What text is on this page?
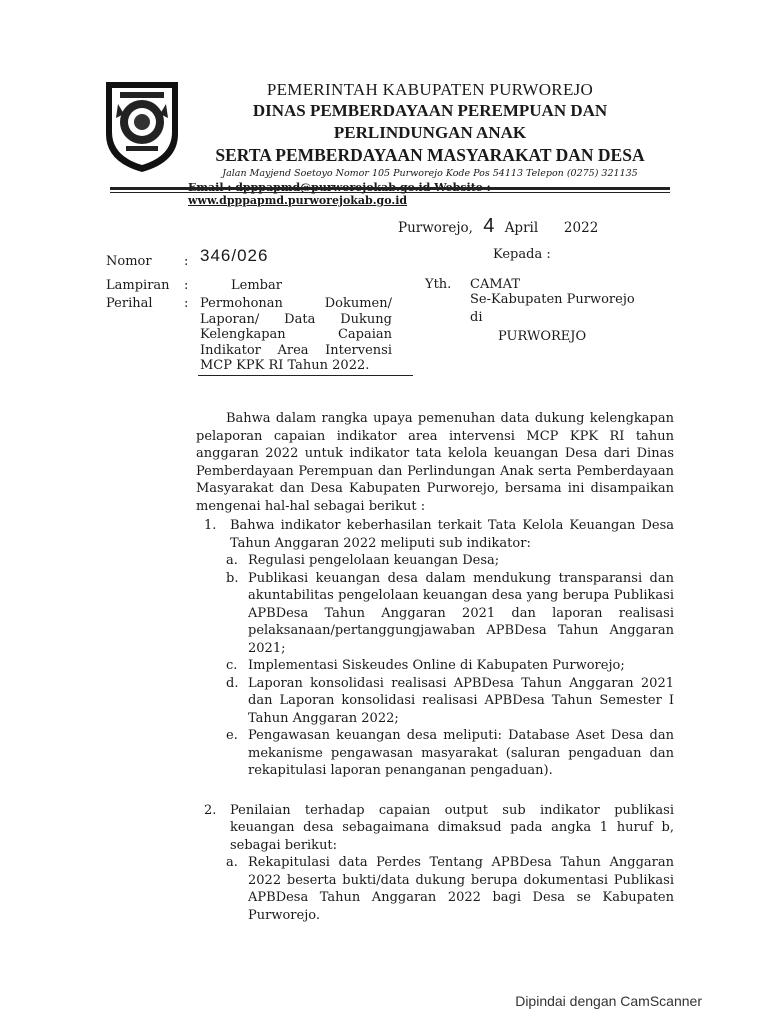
PEMERINTAH KABUPATEN PURWOREJO
DINAS PEMBERDAYAAN PEREMPUAN DAN
PERLINDUNGAN ANAK
SERTA PEMBERDAYAAN MASYARAKAT DAN DESA
Jalan Mayjend Soetoyo Nomor 105 Purworejo Kode Pos 54113 Telepon (0275) 321135
www.dpppapmd.purworejokab.go.id
Purworejo, 4 April 2022
Nomor : 346/026	Kepada :
Lampiran :	Lembar	Yth. CAMAT
Se-Kabupaten Purworejo
di
PURWOREJO
Perihal : Permohonan Dokumen/
Laporan/ Data Dukung
Kelengkapan Capaian
Indikator Area Intervensi
MCP KPK RI Tahun 2022.

Bahwa dalam rangka upaya pemenuhan data dukung kelengkapan pelaporan capaian indikator area intervensi MCP KPK RI tahun anggaran 2022 untuk indikator tata kelola keuangan Desa dari Dinas Pemberdayaan Perempuan dan Perlindungan Anak serta Pemberdayaan Masyarakat dan Desa Kabupaten Purworejo, bersama ini disampaikan mengenai hal-hal sebagai berikut :

1. Bahwa indikator keberhasilan terkait Tata Kelola Keuangan Desa Tahun Anggaran 2022 meliputi sub indikator:
a. Regulasi pengelolaan keuangan Desa;
b. Publikasi keuangan desa dalam mendukung transparansi dan akuntabilitas pengelolaan keuangan desa yang berupa Publikasi APBDesa Tahun Anggaran 2021 dan laporan realisasi pelaksanaan/pertanggungjawaban APBDesa Tahun Anggaran 2021;
c. Implementasi Siskeudes Online di Kabupaten Purworejo;
d. Laporan konsolidasi realisasi APBDesa Tahun Anggaran 2021 dan Laporan konsolidasi realisasi APBDesa Tahun Semester I Tahun Anggaran 2022;
e. Pengawasan keuangan desa meliputi: Database Aset Desa dan mekanisme pengawasan masyarakat (saluran pengaduan dan rekapitulasi laporan penanganan pengaduan).
2. Penilaian terhadap capaian output sub indikator publikasi keuangan desa sebagaimana dimaksud pada angka 1 huruf b, sebagai berikut:
a. Rekapitulasi data Perdes Tentang APBDesa Tahun Anggaran 2022 beserta bukti/data dukung berupa dokumentasi Publikasi APBDesa Tahun Anggaran 2022 bagi Desa se Kabupaten Purworejo.
Dipindai dengan CamScanner
